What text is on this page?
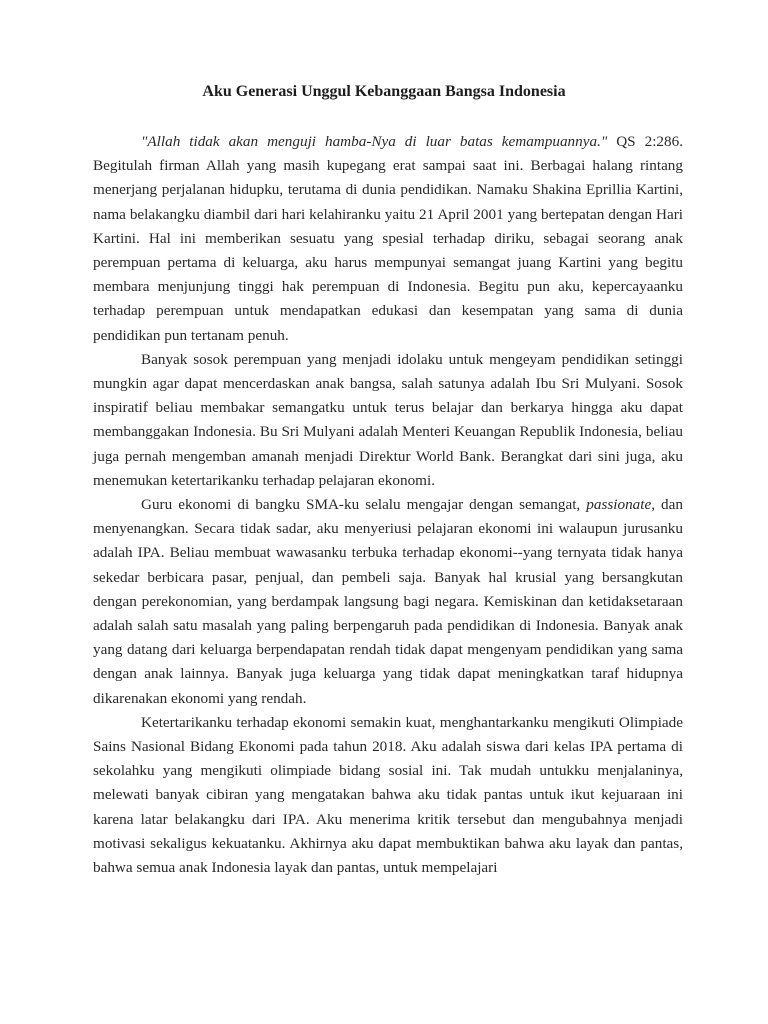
Aku Generasi Unggul Kebanggaan Bangsa Indonesia

"Allah tidak akan menguji hamba-Nya di luar batas kemampuannya." QS 2:286. Begitulah firman Allah yang masih kupegang erat sampai saat ini. Berbagai halang rintang menerjang perjalanan hidupku, terutama di dunia pendidikan. Namaku Shakina Eprillia Kartini, nama belakangku diambil dari hari kelahiranku yaitu 21 April 2001 yang bertepatan dengan Hari Kartini. Hal ini memberikan sesuatu yang spesial terhadap diriku, sebagai seorang anak perempuan pertama di keluarga, aku harus mempunyai semangat juang Kartini yang begitu membara menjunjung tinggi hak perempuan di Indonesia. Begitu pun aku, kepercayaanku terhadap perempuan untuk mendapatkan edukasi dan kesempatan yang sama di dunia pendidikan pun tertanam penuh.

Banyak sosok perempuan yang menjadi idolaku untuk mengeyam pendidikan setinggi mungkin agar dapat mencerdaskan anak bangsa, salah satunya adalah Ibu Sri Mulyani. Sosok inspiratif beliau membakar semangatku untuk terus belajar dan berkarya hingga aku dapat membanggakan Indonesia. Bu Sri Mulyani adalah Menteri Keuangan Republik Indonesia, beliau juga pernah mengemban amanah menjadi Direktur World Bank. Berangkat dari sini juga, aku menemukan ketertarikanku terhadap pelajaran ekonomi.

Guru ekonomi di bangku SMA-ku selalu mengajar dengan semangat, passionate, dan menyenangkan. Secara tidak sadar, aku menyeriusi pelajaran ekonomi ini walaupun jurusanku adalah IPA. Beliau membuat wawasanku terbuka terhadap ekonomi--yang ternyata tidak hanya sekedar berbicara pasar, penjual, dan pembeli saja. Banyak hal krusial yang bersangkutan dengan perekonomian, yang berdampak langsung bagi negara. Kemiskinan dan ketidaksetaraan adalah salah satu masalah yang paling berpengaruh pada pendidikan di Indonesia. Banyak anak yang datang dari keluarga berpendapatan rendah tidak dapat mengenyam pendidikan yang sama dengan anak lainnya. Banyak juga keluarga yang tidak dapat meningkatkan taraf hidupnya dikarenakan ekonomi yang rendah.

Ketertarikanku terhadap ekonomi semakin kuat, menghantarkanku mengikuti Olimpiade Sains Nasional Bidang Ekonomi pada tahun 2018. Aku adalah siswa dari kelas IPA pertama di sekolahku yang mengikuti olimpiade bidang sosial ini. Tak mudah untukku menjalaninya, melewati banyak cibiran yang mengatakan bahwa aku tidak pantas untuk ikut kejuaraan ini karena latar belakangku dari IPA. Aku menerima kritik tersebut dan mengubahnya menjadi motivasi sekaligus kekuatanku. Akhirnya aku dapat membuktikan bahwa aku layak dan pantas, bahwa semua anak Indonesia layak dan pantas, untuk mempelajari
